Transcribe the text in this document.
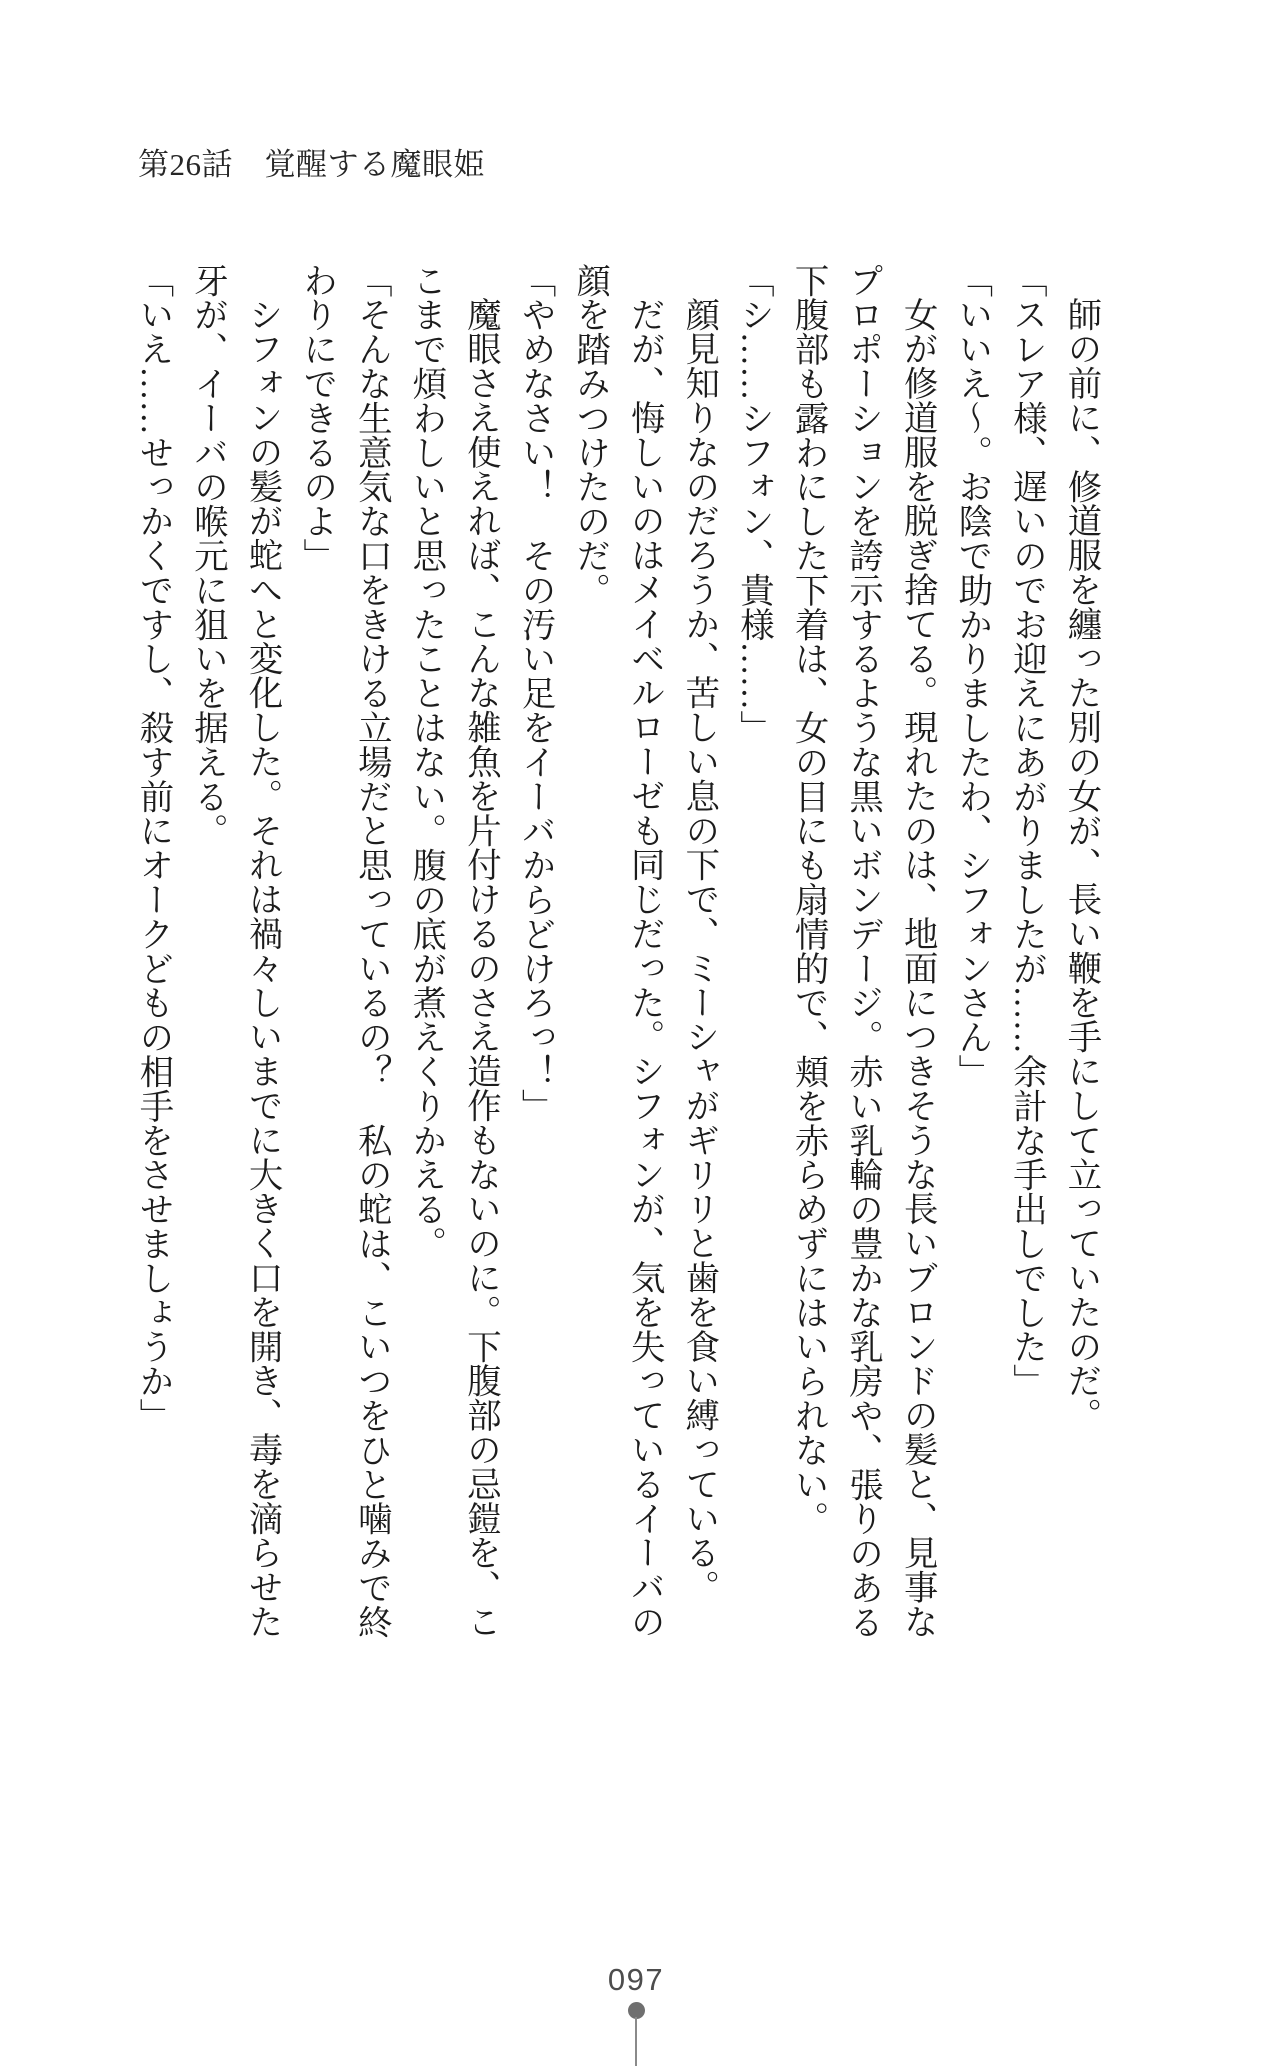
第26話　覚醒する魔眼姫

師の前に、修道服を纏った別の女が、長い鞭を手にして立っていたのだ。

「スレア様、遅いのでお迎えにあがりましたが……余計な手出しでした」

「いいえ～。お陰で助かりましたわ、シフォンさん」

女が修道服を脱ぎ捨てる。現れたのは、地面につきそうな長いブロンドの髪と、見事なプロポーションを誇示するような黒いボンデージ。赤い乳輪の豊かな乳房や、張りのある下腹部も露わにした下着は、女の目にも扇情的で、頬を赤らめずにはいられない。

「シ……シフォン、貴様……」

顔見知りなのだろうか、苦しい息の下で、ミーシャがギリリと歯を食い縛っている。

だが、悔しいのはメイベルローゼも同じだった。シフォンが、気を失っているイーバの顔を踏みつけたのだ。

「やめなさい！　その汚い足をイーバからどけろっ！」

魔眼さえ使えれば、こんな雑魚を片付けるのさえ造作もないのに。下腹部の忌鎧を、ここまで煩わしいと思ったことはない。腹の底が煮えくりかえる。

「そんな生意気な口をきける立場だと思っているの？　私の蛇は、こいつをひと噛みで終わりにできるのよ」

シフォンの髪が蛇へと変化した。それは禍々しいまでに大きく口を開き、毒を滴らせた牙が、イーバの喉元に狙いを据える。

「いえ……せっかくですし、殺す前にオークどもの相手をさせましょうか」

097
